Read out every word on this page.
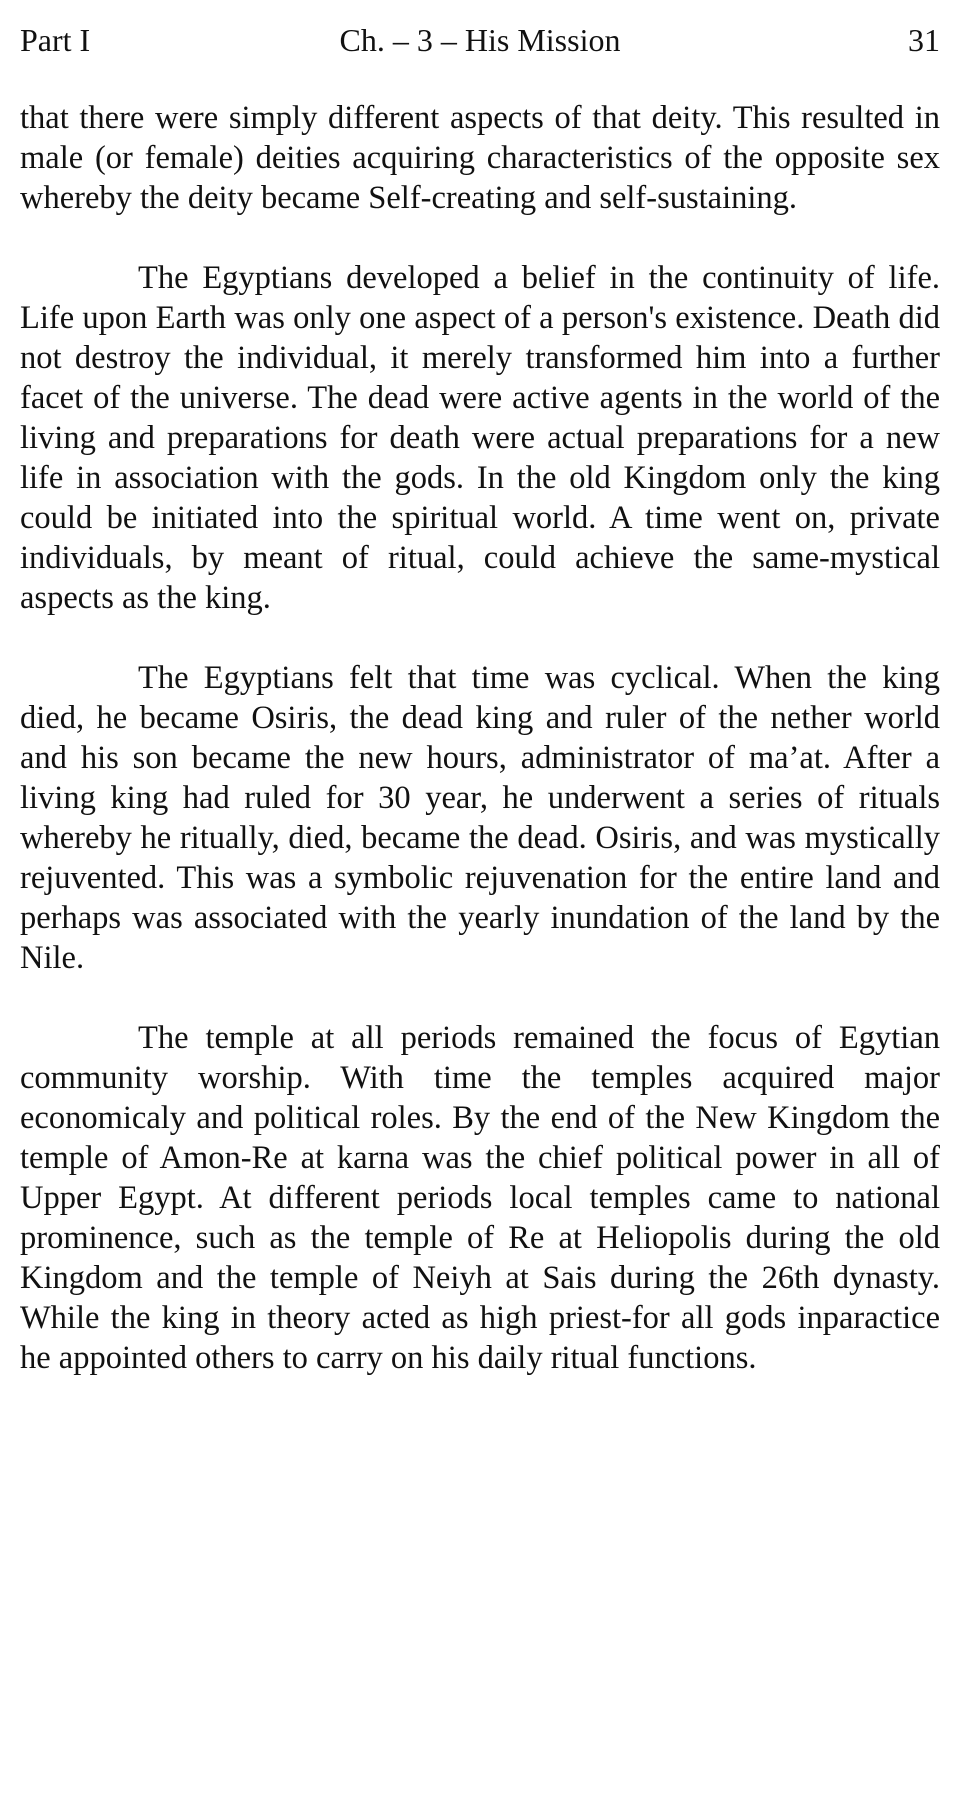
Ch. – 3 – His Mission
Part I	31

that there were simply different aspects of that deity. This resulted in male (or female) deities acquiring characteristics of the opposite sex whereby the deity became Self-creating and self-sustaining.

The Egyptians developed a belief in the continuity of life. Life upon Earth was only one aspect of a person's existence. Death did not destroy the individual, it merely transformed him into a further facet of the universe. The dead were active agents in the world of the living and preparations for death were actual preparations for a new life in association with the gods. In the old Kingdom only the king could be initiated into the spiritual world. A time went on, private individuals, by meant of ritual, could achieve the same-mystical aspects as the king.

The Egyptians felt that time was cyclical. When the king died, he became Osiris, the dead king and ruler of the nether world and his son became the new hours, administrator of ma’at. After a living king had ruled for 30 year, he underwent a series of rituals whereby he ritually, died, became the dead. Osiris, and was mystically rejuvented. This was a symbolic rejuvenation for the entire land and perhaps was associated with the yearly inundation of the land by the Nile.

The temple at all periods remained the focus of Egytian community worship. With time the temples acquired major economicaly and political roles. By the end of the New Kingdom the temple of Amon-Re at karna was the chief political power in all of Upper Egypt. At different periods local temples came to national prominence, such as the temple of Re at Heliopolis during the old Kingdom and the temple of Neiyh at Sais during the 26th dynasty. While the king in theory acted as high priest-for all gods inparactice he appointed others to carry on his daily ritual functions.
